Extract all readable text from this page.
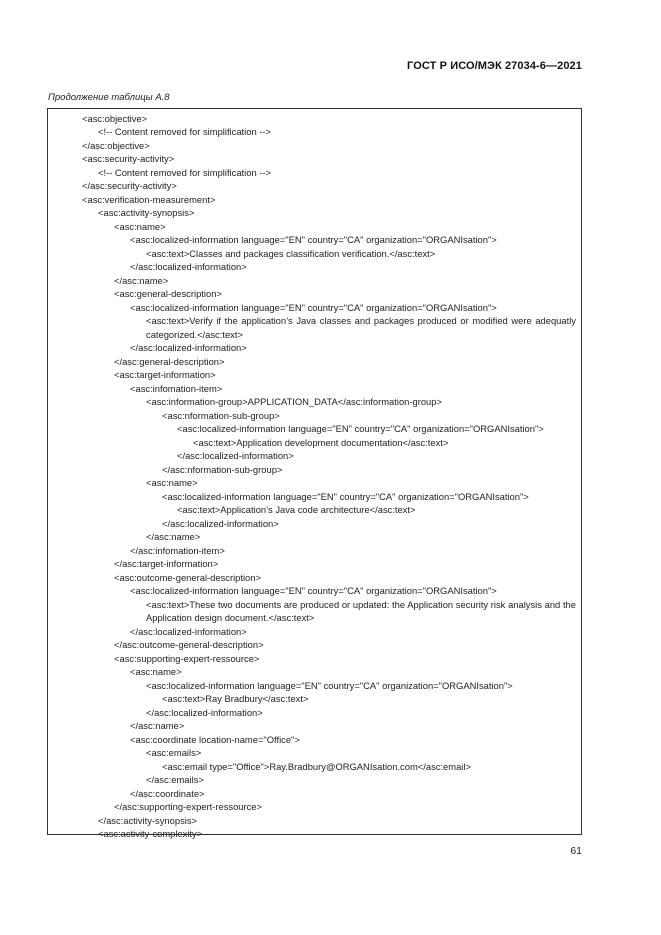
ГОСТ Р ИСО/МЭК 27034-6—2021
Продолжение таблицы А.8
<asc:objective>
<!-- Content removed for simplification -->
</asc:objective>
<asc:security-activity>
<!-- Content removed for simplification -->
</asc:security-activity>
<asc:verification-measurement>
<asc:activity-synopsis>
<asc:name>
<asc:localized-information language="EN" country="CA" organization="ORGANIsation">
<asc:text>Classes and packages classification verification.</asc:text>
</asc:localized-information>
</asc:name>
<asc:general-description>
<asc:localized-information language="EN" country="CA" organization="ORGANIsation">
<asc:text>Verify if the application’s Java classes and packages produced or modified were adequatly categorized.</asc:text>
</asc:localized-information>
</asc:general-description>
<asc:target-information>
<asc:infomation-item>
<asc:information-group>APPLICATION_DATA</asc:information-group>
<asc:nformation-sub-group>
<asc:localized-information language="EN" country="CA" organization="ORGANIsation">
<asc:text>Application development documentation</asc:text>
</asc:localized-information>
</asc:nformation-sub-group>
<asc:name>
<asc:localized-information language="EN" country="CA" organization="ORGANIsation">
<asc:text>Application’s Java code architecture</asc:text>
</asc:localized-information>
</asc:name>
</asc:infomation-item>
</asc:target-information>
<asc:outcome-general-description>
<asc:localized-information language="EN" country="CA" organization="ORGANIsation">
<asc:text>These two documents are produced or updated: the Application security risk analysis and the Application design document.</asc:text>
</asc:localized-information>
</asc:outcome-general-description>
<asc:supporting-expert-ressource>
<asc:name>
<asc:localized-information language="EN" country="CA" organization="ORGANIsation">
<asc:text>Ray Bradbury</asc:text>
</asc:localized-information>
</asc:name>
<asc:coordinate location-name="Office">
<asc:emails>
<asc:email type="Office">Ray.Bradbury@ORGANIsation.com</asc:email>
</asc:emails>
</asc:coordinate>
</asc:supporting-expert-ressource>
</asc:activity-synopsis>
<asc:activity-complexity>
61
